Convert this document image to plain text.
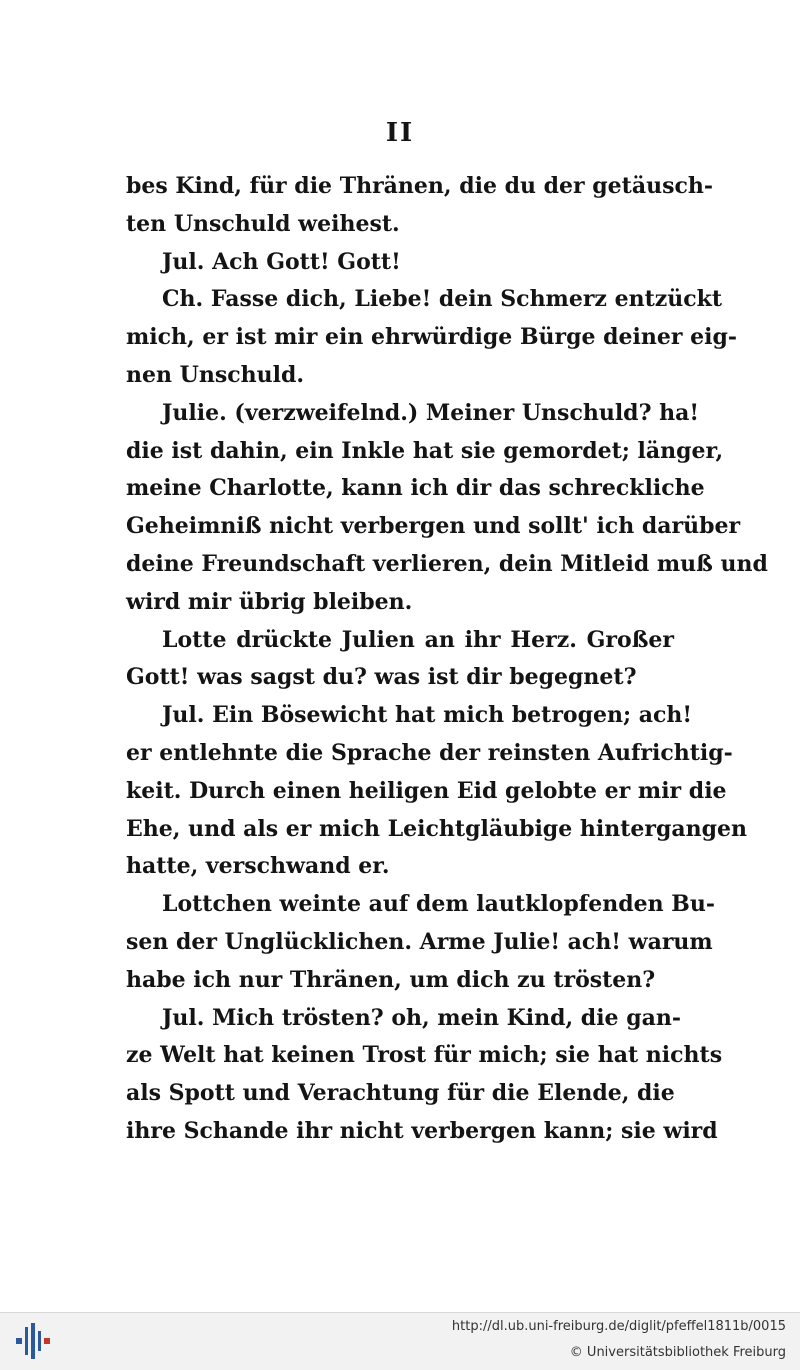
II
bes Kind, für die Thränen, die du der getäusch-
ten Unschuld weihest.
Jul. Ach Gott! Gott!
Ch. Fasse dich, Liebe! dein Schmerz entzückt
mich, er ist mir ein ehrwürdige Bürge deiner eig-
nen Unschuld.
Julie. (verzweifelnd.) Meiner Unschuld? ha!
die ist dahin, ein Inkle hat sie gemordet; länger,
meine Charlotte, kann ich dir das schreckliche
Geheimniß nicht verbergen und sollt' ich darüber
deine Freundschaft verlieren, dein Mitleid muß und
wird mir übrig bleiben.
Lotte drückte Julien an ihr Herz. Großer
Gott! was sagst du? was ist dir begegnet?
Jul. Ein Bösewicht hat mich betrogen; ach!
er entlehnte die Sprache der reinsten Aufrichtig-
keit. Durch einen heiligen Eid gelobte er mir die
Ehe, und als er mich Leichtgläubige hintergangen
hatte, verschwand er.
Lottchen weinte auf dem lautklopfenden Bu-
sen der Unglücklichen. Arme Julie! ach! warum
habe ich nur Thränen, um dich zu trösten?
Jul. Mich trösten? oh, mein Kind, die gan-
ze Welt hat keinen Trost für mich; sie hat nichts
als Spott und Verachtung für die Elende, die
ihre Schande ihr nicht verbergen kann; sie wird
http://dl.ub.uni-freiburg.de/diglit/pfeffel1811b/0015
© Universitätsbibliothek Freiburg
